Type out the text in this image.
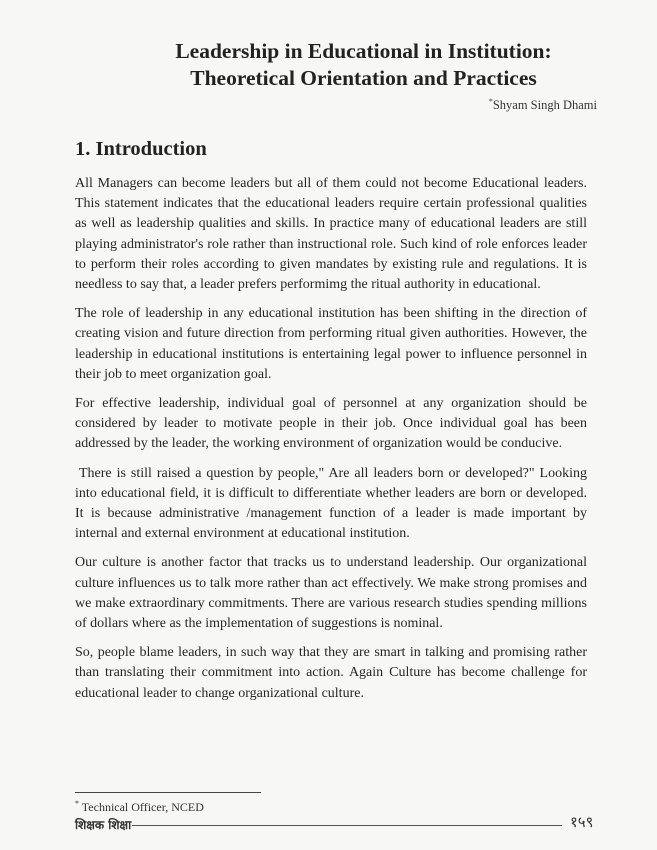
Leadership in Educational in Institution:
Theoretical Orientation and Practices
*Shyam Singh Dhami
1. Introduction

All Managers can become leaders but all of them could not become Educational leaders. This statement indicates that the educational leaders require certain professional qualities as well as leadership qualities and skills. In practice many of educational leaders are still playing administrator's role rather than instructional role. Such kind of role enforces leader to perform their roles according to given mandates by existing rule and regulations. It is needless to say that, a leader prefers performimg the ritual authority in educational.

The role of leadership in any educational institution has been shifting in the direction of creating vision and future direction from performing ritual given authorities. However, the leadership in educational institutions is entertaining legal power to influence personnel in their job to meet organization goal.

For effective leadership, individual goal of personnel at any organization should be considered by leader to motivate people in their job. Once individual goal has been addressed by the leader, the working environment of organization would be conducive.

There is still raised a question by people," Are all leaders born or developed?" Looking into educational field, it is difficult to differentiate whether leaders are born or developed. It is because administrative /management function of a leader is made important by internal and external environment at educational institution.

Our culture is another factor that tracks us to understand leadership. Our organizational culture influences us to talk more rather than act effectively. We make strong promises and we make extraordinary commitments. There are various research studies spending millions of dollars where as the implementation of suggestions is nominal.

So, people blame leaders, in such way that they are smart in talking and promising rather than translating their commitment into action. Again Culture has become challenge for educational leader to change organizational culture.

* Technical Officer, NCED
शिक्षक शिक्षा	१५९
